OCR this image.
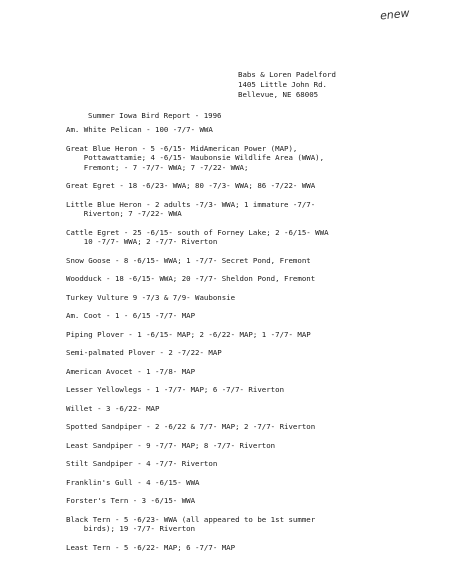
enew
Babs & Loren Padelford
1405 Little John Rd.
Bellevue, NE 68005
Summer Iowa Bird Report - 1996
Am. White Pelican - 100 -7/7- WWA
Great Blue Heron - 5 -6/15- MidAmerican Power (MAP),
Pottawattamie; 4 -6/15- Waubonsie Wildlife Area (WWA),
Fremont; - 7 -7/7- WWA; 7 -7/22- WWA;
Great Egret - 18 -6/23- WWA; 80 -7/3- WWA; 86 -7/22- WWA
Little Blue Heron - 2 adults -7/3- WWA; 1 immature -7/7-
Riverton; 7 -7/22- WWA
Cattle Egret - 25 -6/15- south of Forney Lake; 2 -6/15- WWA
10 -7/7- WWA; 2 -7/7- Riverton
Snow Goose - 8 -6/15- WWA; 1 -7/7- Secret Pond, Fremont
Woodduck - 18 -6/15- WWA; 20 -7/7- Sheldon Pond, Fremont
Turkey Vulture 9 -7/3 & 7/9- Waubonsie
Am. Coot - 1 - 6/15 -7/7- MAP
Piping Plover - 1 -6/15- MAP; 2 -6/22- MAP; 1 -7/7- MAP
Semi-palmated Plover - 2 -7/22- MAP
American Avocet - 1 -7/8- MAP
Lesser Yellowlegs - 1 -7/7- MAP; 6 -7/7- Riverton
Willet - 3 -6/22- MAP
Spotted Sandpiper - 2 -6/22 & 7/7- MAP; 2 -7/7- Riverton
Least Sandpiper - 9 -7/7- MAP; 8 -7/7- Riverton
Stilt Sandpiper - 4 -7/7- Riverton
Franklin's Gull - 4 -6/15- WWA
Forster's Tern - 3 -6/15- WWA
Black Tern - 5 -6/23- WWA (all appeared to be 1st summer
birds); 19 -7/7- Riverton
Least Tern - 5 -6/22- MAP; 6 -7/7- MAP
